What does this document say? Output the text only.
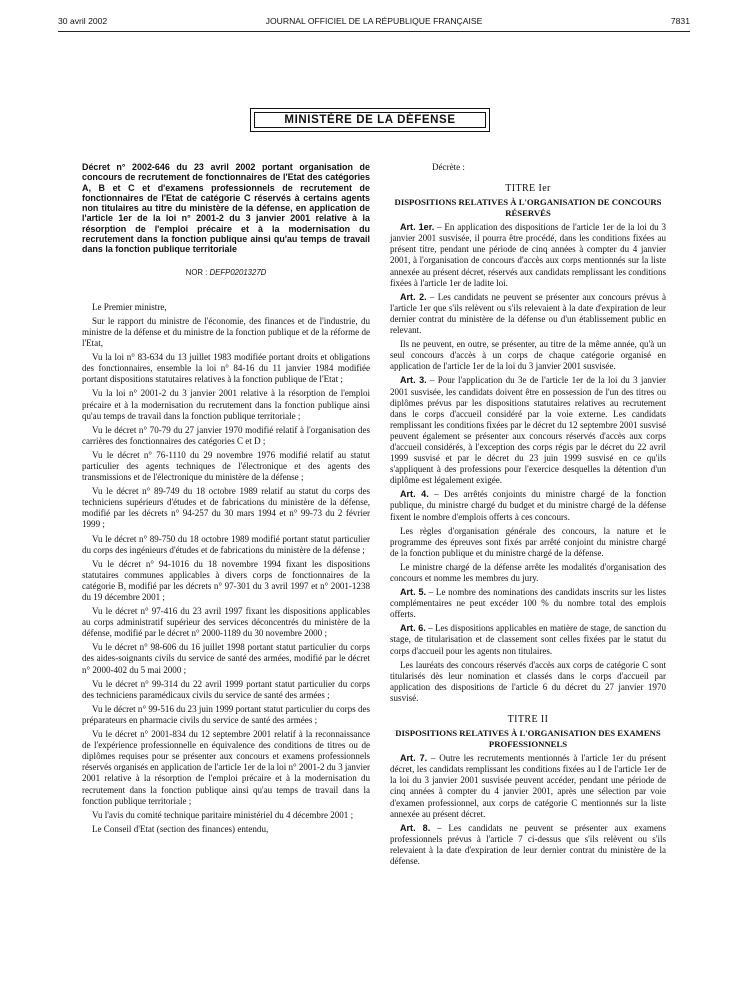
30 avril 2002	JOURNAL OFFICIEL DE LA RÉPUBLIQUE FRANÇAISE	7831
MINISTÈRE DE LA DÉFENSE
Décret n° 2002-646 du 23 avril 2002 portant organisation de concours de recrutement de fonctionnaires de l'Etat des catégories A, B et C et d'examens professionnels de recrutement de fonctionnaires de l'Etat de catégorie C réservés à certains agents non titulaires au titre du ministère de la défense, en application de l'article 1er de la loi n° 2001-2 du 3 janvier 2001 relative à la résorption de l'emploi précaire et à la modernisation du recrutement dans la fonction publique ainsi qu'au temps de travail dans la fonction publique territoriale
NOR : DEFP0201327D

Le Premier ministre,

Sur le rapport du ministre de l'économie, des finances et de l'industrie, du ministre de la défense et du ministre de la fonction publique et de la réforme de l'Etat,

Vu la loi n° 83-634 du 13 juillet 1983 modifiée portant droits et obligations des fonctionnaires, ensemble la loi n° 84-16 du 11 janvier 1984 modifiée portant dispositions statutaires relatives à la fonction publique de l'Etat ;

Vu la loi n° 2001-2 du 3 janvier 2001 relative à la résorption de l'emploi précaire et à la modernisation du recrutement dans la fonction publique ainsi qu'au temps de travail dans la fonction publique territoriale ;

Vu le décret n° 70-79 du 27 janvier 1970 modifié relatif à l'organisation des carrières des fonctionnaires des catégories C et D ;

Vu le décret n° 76-1110 du 29 novembre 1976 modifié relatif au statut particulier des agents techniques de l'électronique et des agents des transmissions et de l'électronique du ministère de la défense ;

Vu le décret n° 89-749 du 18 octobre 1989 relatif au statut du corps des techniciens supérieurs d'études et de fabrications du ministère de la défense, modifié par les décrets n° 94-257 du 30 mars 1994 et n° 99-73 du 2 février 1999 ;

Vu le décret n° 89-750 du 18 octobre 1989 modifié portant statut particulier du corps des ingénieurs d'études et de fabrications du ministère de la défense ;

Vu le décret n° 94-1016 du 18 novembre 1994 fixant les dispositions statutaires communes applicables à divers corps de fonctionnaires de la catégorie B, modifié par les décrets n° 97-301 du 3 avril 1997 et n° 2001-1238 du 19 décembre 2001 ;

Vu le décret n° 97-416 du 23 avril 1997 fixant les dispositions applicables au corps administratif supérieur des services déconcentrés du ministère de la défense, modifié par le décret n° 2000-1189 du 30 novembre 2000 ;

Vu le décret n° 98-606 du 16 juillet 1998 portant statut particulier du corps des aides-soignants civils du service de santé des armées, modifié par le décret n° 2000-402 du 5 mai 2000 ;

Vu le décret n° 99-314 du 22 avril 1999 portant statut particulier du corps des techniciens paramédicaux civils du service de santé des armées ;

Vu le décret n° 99-516 du 23 juin 1999 portant statut particulier du corps des préparateurs en pharmacie civils du service de santé des armées ;

Vu le décret n° 2001-834 du 12 septembre 2001 relatif à la reconnaissance de l'expérience professionnelle en équivalence des conditions de titres ou de diplômes requises pour se présenter aux concours et examens professionnels réservés organisés en application de l'article 1er de la loi n° 2001-2 du 3 janvier 2001 relative à la résorption de l'emploi précaire et à la modernisation du recrutement dans la fonction publique ainsi qu'au temps de travail dans la fonction publique territoriale ;

Vu l'avis du comité technique paritaire ministériel du 4 décembre 2001 ;

Le Conseil d'Etat (section des finances) entendu,

Décrète :

TITRE Ier
DISPOSITIONS RELATIVES À L'ORGANISATION DE CONCOURS RÉSERVÉS

Art. 1er. – En application des dispositions de l'article 1er de la loi du 3 janvier 2001 susvisée, il pourra être procédé, dans les conditions fixées au présent titre, pendant une période de cinq années à compter du 4 janvier 2001, à l'organisation de concours d'accès aux corps mentionnés sur la liste annexée au présent décret, réservés aux candidats remplissant les conditions fixées à l'article 1er de ladite loi.

Art. 2. – Les candidats ne peuvent se présenter aux concours prévus à l'article 1er que s'ils relèvent ou s'ils relevaient à la date d'expiration de leur dernier contrat du ministère de la défense ou d'un établissement public en relevant.

Ils ne peuvent, en outre, se présenter, au titre de la même année, qu'à un seul concours d'accès à un corps de chaque catégorie organisé en application de l'article 1er de la loi du 3 janvier 2001 susvisée.

Art. 3. – Pour l'application du 3e de l'article 1er de la loi du 3 janvier 2001 susvisée, les candidats doivent être en possession de l'un des titres ou diplômes prévus par les dispositions statutaires relatives au recrutement dans le corps d'accueil considéré par la voie externe. Les candidats remplissant les conditions fixées par le décret du 12 septembre 2001 susvisé peuvent également se présenter aux concours réservés d'accès aux corps d'accueil considérés, à l'exception des corps régis par le décret du 22 avril 1999 susvisé et par le décret du 23 juin 1999 susvisé en ce qu'ils s'appliquent à des professions pour l'exercice desquelles la détention d'un diplôme est légalement exigée.

Art. 4. – Des arrêtés conjoints du ministre chargé de la fonction publique, du ministre chargé du budget et du ministre chargé de la défense fixent le nombre d'emplois offerts à ces concours.

Les règles d'organisation générale des concours, la nature et le programme des épreuves sont fixés par arrêté conjoint du ministre chargé de la fonction publique et du ministre chargé de la défense.

Le ministre chargé de la défense arrête les modalités d'organisation des concours et nomme les membres du jury.

Art. 5. – Le nombre des nominations des candidats inscrits sur les listes complémentaires ne peut excéder 100 % du nombre total des emplois offerts.

Art. 6. – Les dispositions applicables en matière de stage, de sanction du stage, de titularisation et de classement sont celles fixées par le statut du corps d'accueil pour les agents non titulaires.

Les lauréats des concours réservés d'accès aux corps de catégorie C sont titularisés dès leur nomination et classés dans le corps d'accueil par application des dispositions de l'article 6 du décret du 27 janvier 1970 susvisé.

TITRE II
DISPOSITIONS RELATIVES À L'ORGANISATION DES EXAMENS PROFESSIONNELS

Art. 7. – Outre les recrutements mentionnés à l'article 1er du présent décret, les candidats remplissant les conditions fixées au I de l'article 1er de la loi du 3 janvier 2001 susvisée peuvent accéder, pendant une période de cinq années à compter du 4 janvier 2001, après une sélection par voie d'examen professionnel, aux corps de catégorie C mentionnés sur la liste annexée au présent décret.

Art. 8. – Les candidats ne peuvent se présenter aux examens professionnels prévus à l'article 7 ci-dessus que s'ils relèvent ou s'ils relevaient à la date d'expiration de leur dernier contrat du ministère de la défense.
